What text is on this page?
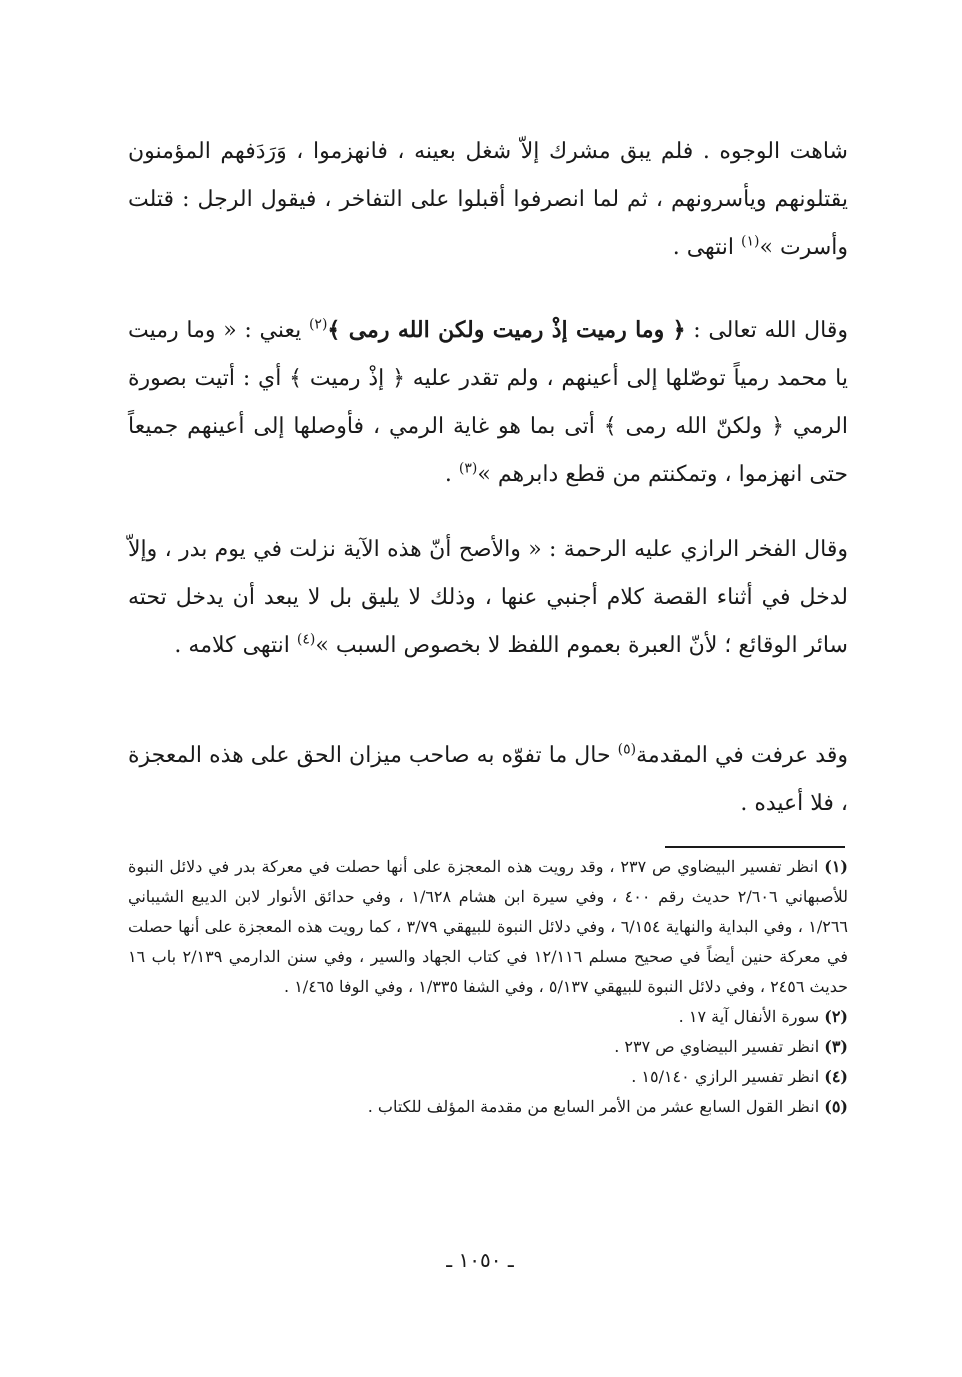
شاهت الوجوه . فلم يبق مشرك إلاّ شغل بعينه ، فانهزموا ، وَرَدَفهم المؤمنون يقتلونهم ويأسرونهم ، ثم لما انصرفوا أقبلوا على التفاخر ، فيقول الرجل : قتلت وأسرت »$^{(١)}$ انتهى .

وقال الله تعالى : ﴿ وما رميت إذْ رميت ولكن الله رمى ﴾$^{(٢)}$ يعني : « وما رميت يا محمد رمياً توصّلها إلى أعينهم ، ولم تقدر عليه ﴿ إذْ رميت ﴾ أي : أتيت بصورة الرمي ﴿ ولكنّ الله رمى ﴾ أتى بما هو غاية الرمي ، فأوصلها إلى أعينهم جميعاً حتى انهزموا ، وتمكنتم من قطع دابرهم »$^{(٣)}$ .

وقال الفخر الرازي عليه الرحمة : « والأصح أنّ هذه الآية نزلت في يوم بدر ، وإلاّ لدخل في أثناء القصة كلام أجنبي عنها ، وذلك لا يليق بل لا يبعد أن يدخل تحته سائر الوقائع ؛ لأنّ العبرة بعموم اللفظ لا بخصوص السبب »$^{(٤)}$ انتهى كلامه .

وقد عرفت في المقدمة$^{(٥)}$ حال ما تفوّه به صاحب ميزان الحق على هذه المعجزة ، فلا أعيده .

(١) انظر تفسير البيضاوي ص ٢٣٧ ، وقد رويت هذه المعجزة على أنها حصلت في معركة بدر في دلائل النبوة للأصبهاني ٢/٦٠٦ حديث رقم ٤٠٠ ، وفي سيرة ابن هشام ١/٦٢٨ ، وفي حدائق الأنوار لابن الديبع الشيباني ١/٢٦٦ ، وفي البداية والنهاية ٦/١٥٤ ، وفي دلائل النبوة للبيهقي ٣/٧٩ ، كما رويت هذه المعجزة على أنها حصلت في معركة حنين أيضاً في صحيح مسلم ١٢/١١٦ في كتاب الجهاد والسير ، وفي سنن الدارمي ٢/١٣٩ باب ١٦ حديث ٢٤٥٦ ، وفي دلائل النبوة للبيهقي ٥/١٣٧ ، وفي الشفا ١/٣٣٥ ، وفي الوفا ١/٤٦٥ .

(٢) سورة الأنفال آية ١٧ .

(٣) انظر تفسير البيضاوي ص ٢٣٧ .

(٤) انظر تفسير الرازي ١٥/١٤٠ .

(٥) انظر القول السابع عشر من الأمر السابع من مقدمة المؤلف للكتاب .

ـ ١٠٥٠ ـ
